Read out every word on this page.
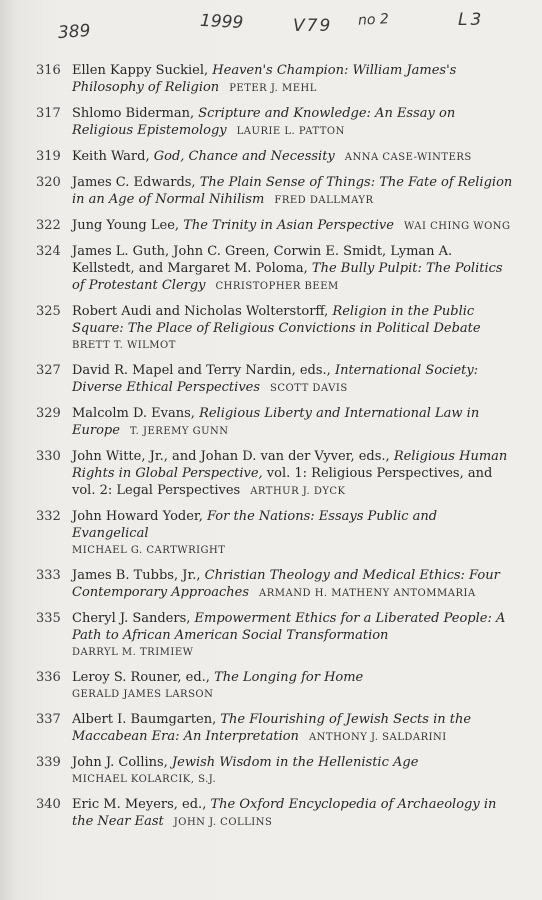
389	1999	V79 no 2	L3
316 Ellen Kappy Suckiel, Heaven's Champion: William James's Philosophy of Religion PETER J. MEHL
317 Shlomo Biderman, Scripture and Knowledge: An Essay on Religious Epistemology LAURIE L. PATTON
319 Keith Ward, God, Chance and Necessity ANNA CASE-WINTERS
320 James C. Edwards, The Plain Sense of Things: The Fate of Religion in an Age of Normal Nihilism FRED DALLMAYR
322 Jung Young Lee, The Trinity in Asian Perspective WAI CHING WONG
324 James L. Guth, John C. Green, Corwin E. Smidt, Lyman A. Kellstedt, and Margaret M. Poloma, The Bully Pulpit: The Politics of Protestant Clergy CHRISTOPHER BEEM
325 Robert Audi and Nicholas Wolterstorff, Religion in the Public Square: The Place of Religious Convictions in Political Debate
BRETT T. WILMOT
327 David R. Mapel and Terry Nardin, eds., International Society: Diverse Ethical Perspectives SCOTT DAVIS
329 Malcolm D. Evans, Religious Liberty and International Law in Europe T. JEREMY GUNN
330 John Witte, Jr., and Johan D. van der Vyver, eds., Religious Human Rights in Global Perspective, vol. 1: Religious Perspectives, and vol. 2: Legal Perspectives ARTHUR J. DYCK
332 John Howard Yoder, For the Nations: Essays Public and Evangelical
MICHAEL G. CARTWRIGHT
333 James B. Tubbs, Jr., Christian Theology and Medical Ethics: Four Contemporary Approaches ARMAND H. MATHENY ANTOMMARIA
335 Cheryl J. Sanders, Empowerment Ethics for a Liberated People: A Path to African American Social Transformation
DARRYL M. TRIMIEW
336 Leroy S. Rouner, ed., The Longing for Home
GERALD JAMES LARSON
337 Albert I. Baumgarten, The Flourishing of Jewish Sects in the Maccabean Era: An Interpretation ANTHONY J. SALDARINI
339 John J. Collins, Jewish Wisdom in the Hellenistic Age
MICHAEL KOLARCIK, S.J.
340 Eric M. Meyers, ed., The Oxford Encyclopedia of Archaeology in the Near East JOHN J. COLLINS
